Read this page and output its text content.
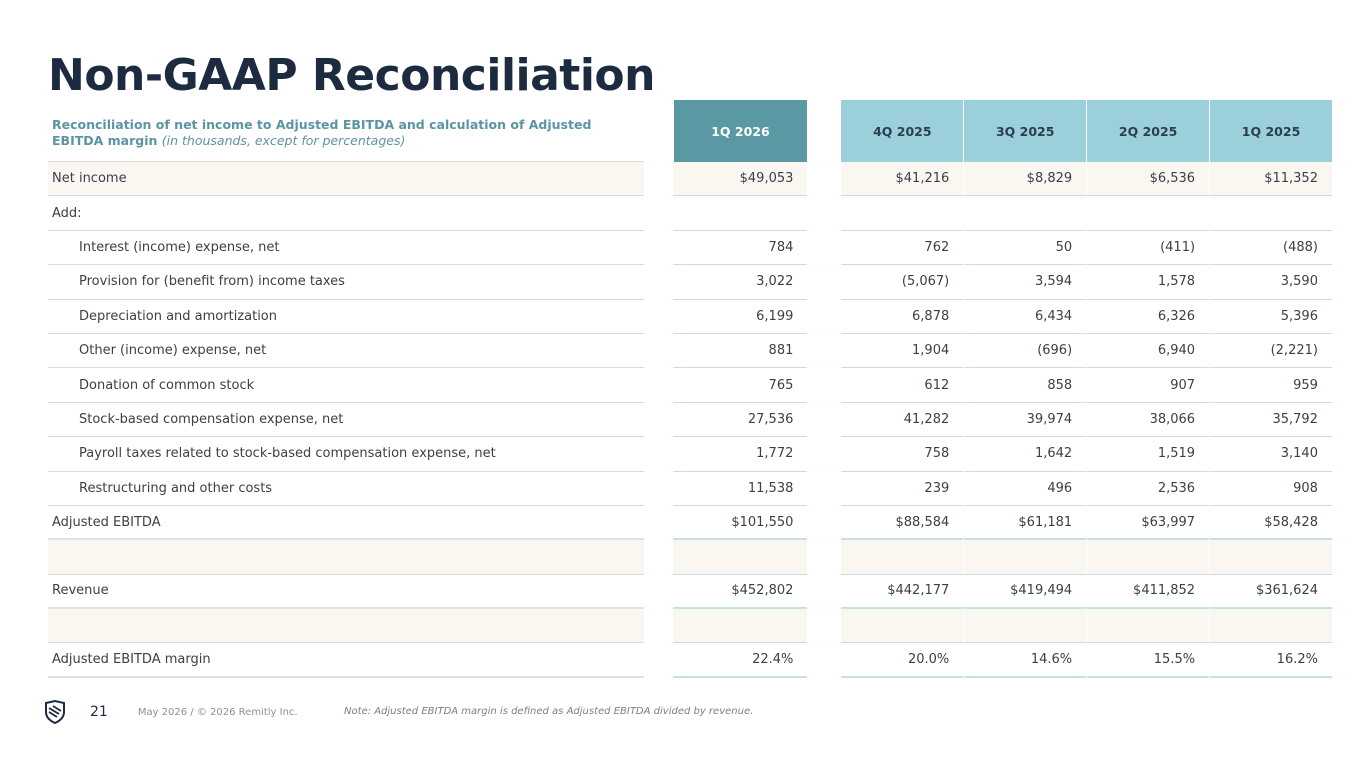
Non-GAAP Reconciliation
Reconciliation of net income to Adjusted EBITDA and calculation of Adjusted EBITDA margin (in thousands, except for percentages)
1Q 2026	4Q 2025	3Q 2025	2Q 2025	1Q 2025
Net income	$49,053	$41,216	$8,829	$6,536	$11,352
Add:
Interest (income) expense, net	784	762	50	(411)	(488)
Provision for (benefit from) income taxes	3,022	(5,067)	3,594	1,578	3,590
Depreciation and amortization	6,199	6,878	6,434	6,326	5,396
Other (income) expense, net	881	1,904	(696)	6,940	(2,221)
Donation of common stock	765	612	858	907	959
Stock-based compensation expense, net	27,536	41,282	39,974	38,066	35,792
Payroll taxes related to stock-based compensation expense, net	1,772	758	1,642	1,519	3,140
Restructuring and other costs	11,538	239	496	2,536	908
Adjusted EBITDA	$101,550	$88,584	$61,181	$63,997	$58,428
Revenue	$452,802	$442,177	$419,494	$411,852	$361,624
Adjusted EBITDA margin	22.4%	20.0%	14.6%	15.5%	16.2%
21	May 2026 / © 2026 Remitly Inc.	Note: Adjusted EBITDA margin is defined as Adjusted EBITDA divided by revenue.
